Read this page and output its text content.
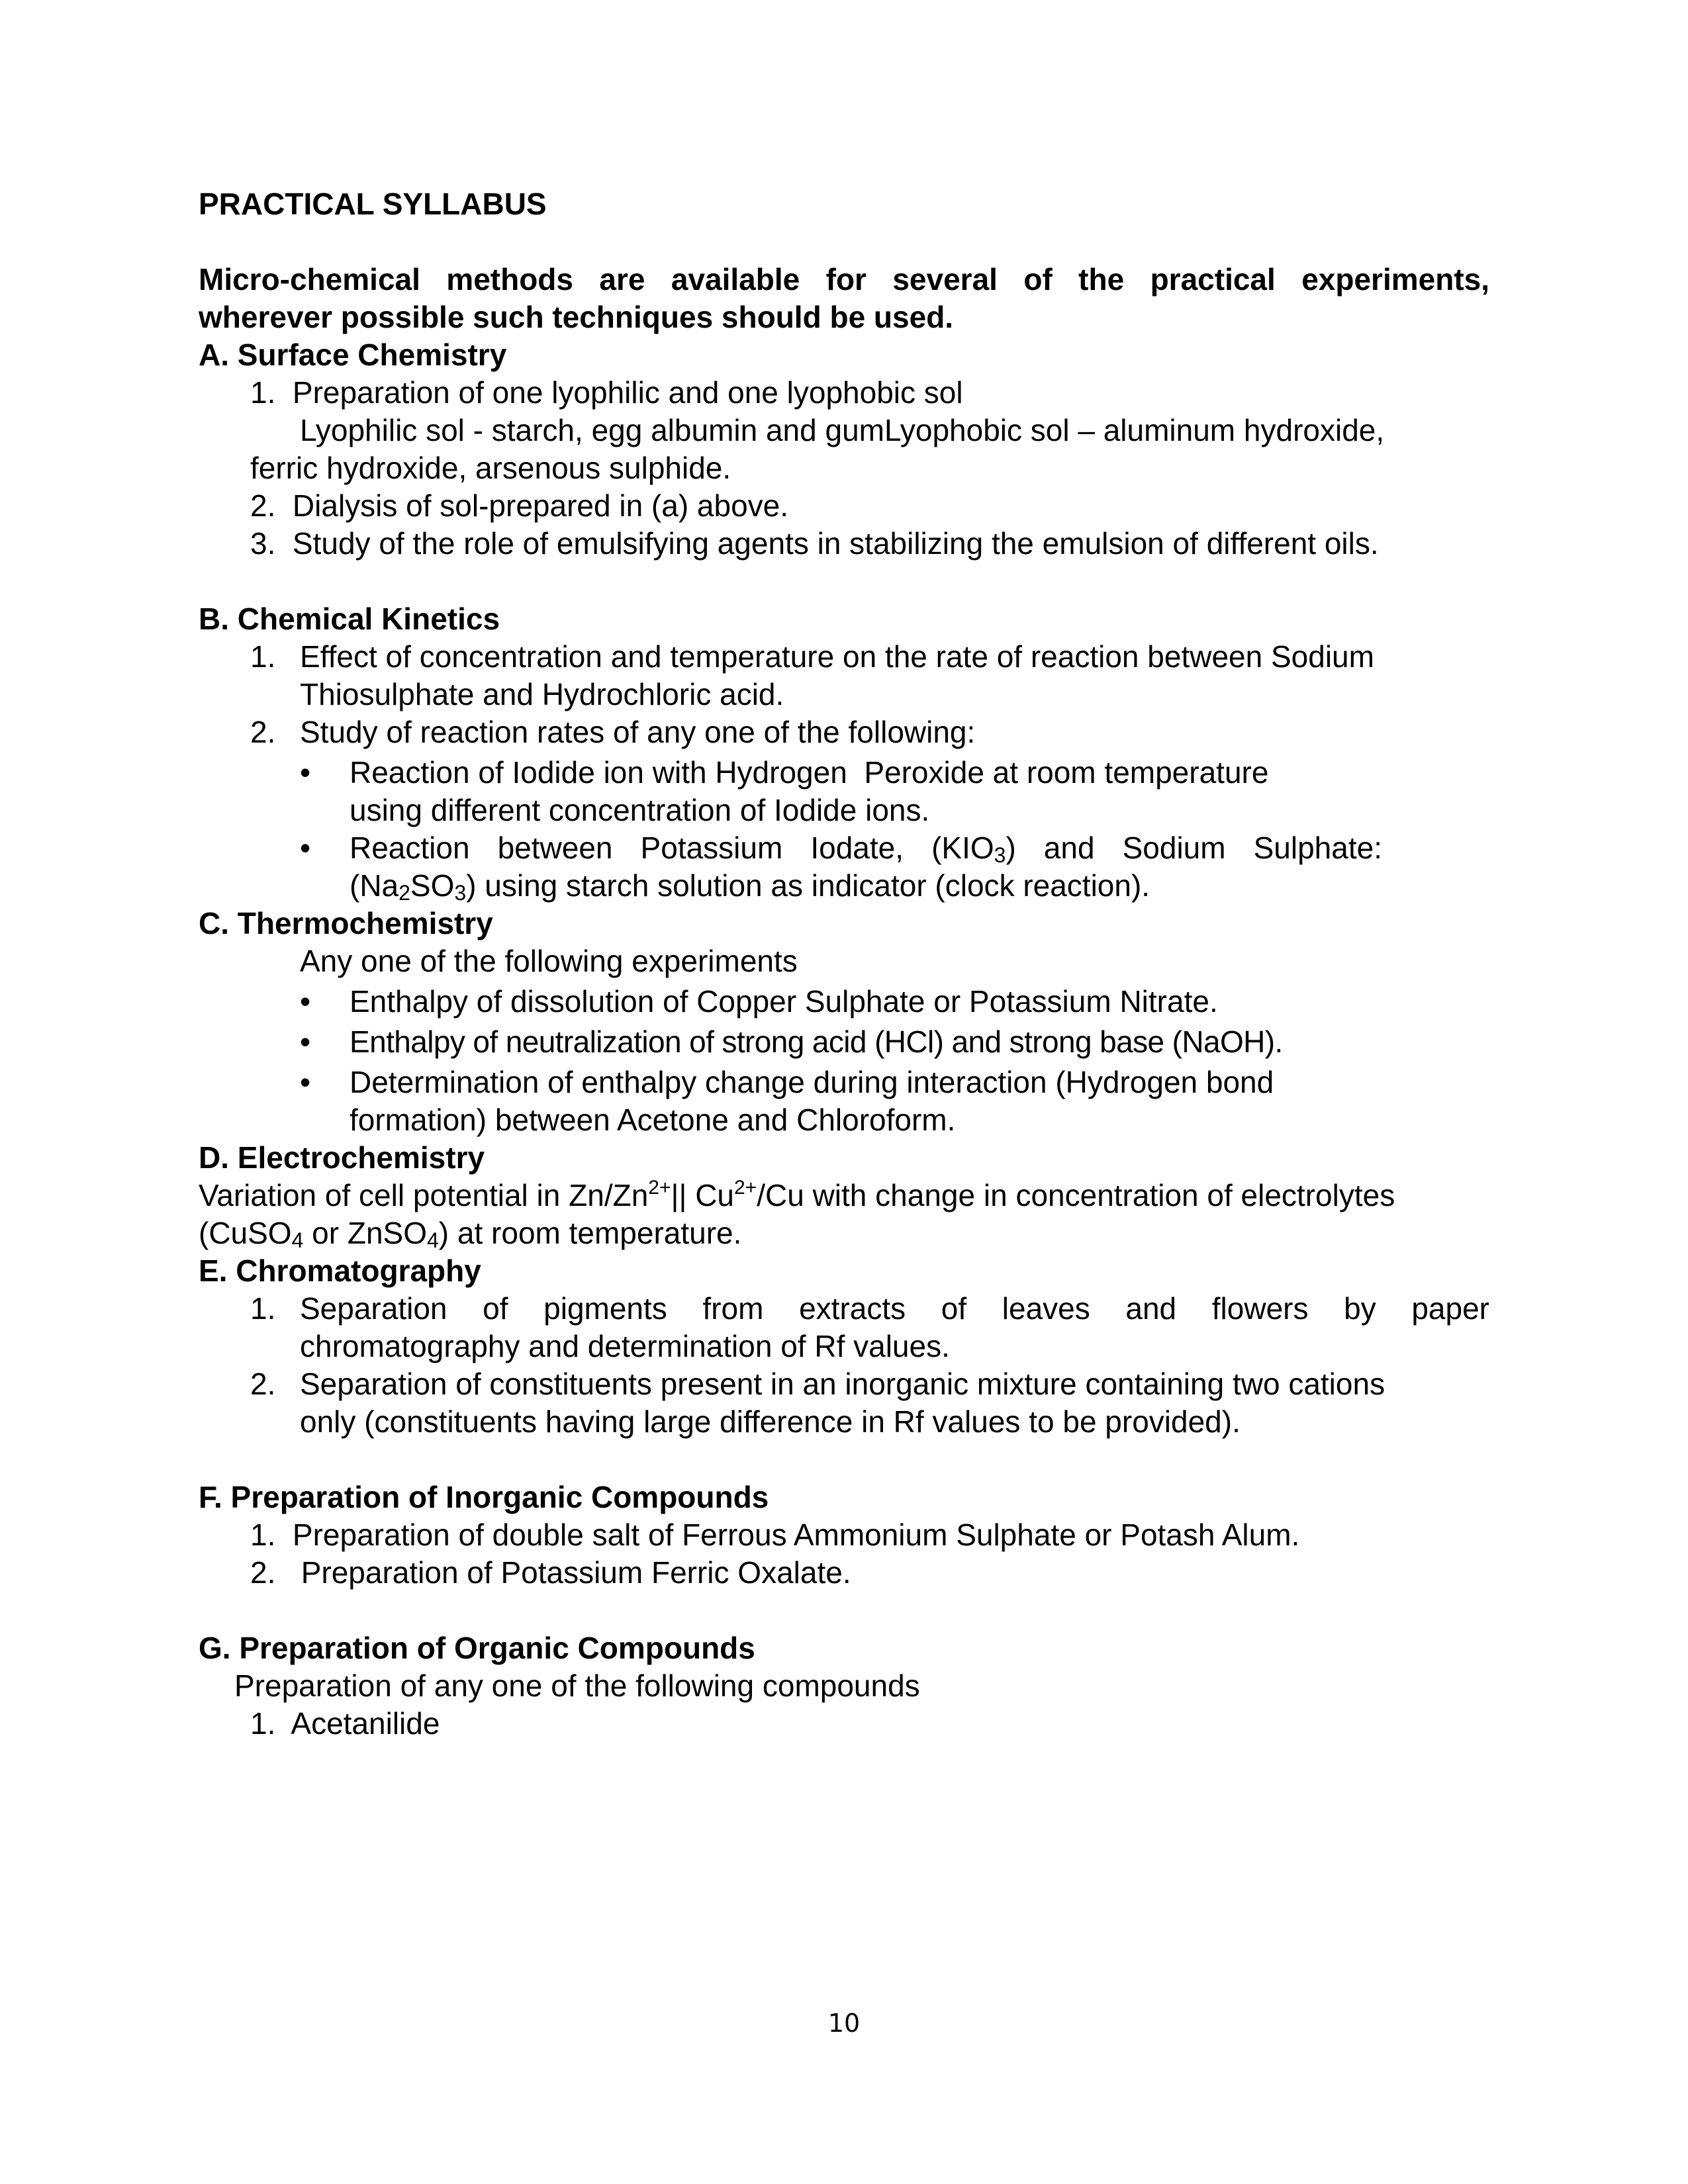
PRACTICAL SYLLABUS
Micro-chemical methods are available for several of the practical experiments,
wherever possible such techniques should be used.
A. Surface Chemistry
1.  Preparation of one lyophilic and one lyophobic sol
Lyophilic sol - starch, egg albumin and gumLyophobic sol – aluminum hydroxide,
ferric hydroxide, arsenous sulphide.
2.  Dialysis of sol-prepared in (a) above.
3.  Study of the role of emulsifying agents in stabilizing the emulsion of different oils.
B. Chemical Kinetics
1. Effect of concentration and temperature on the rate of reaction between Sodium
Thiosulphate and Hydrochloric acid.
2. Study of reaction rates of any one of the following:
•	Reaction of Iodide ion with Hydrogen  Peroxide at room temperature
using different concentration of Iodide ions.
•	Reaction between Potassium Iodate, $(KIO_3)$ and Sodium Sulphate:
$(Na_2SO_3)$ using starch solution as indicator (clock reaction).
C. Thermochemistry
Any one of the following experiments
•	Enthalpy of dissolution of Copper Sulphate or Potassium Nitrate.
•	Enthalpy of neutralization of strong acid (HCl) and strong base (NaOH).
•	Determination of enthalpy change during interaction (Hydrogen bond
formation) between Acetone and Chloroform.
D. Electrochemistry
Variation of cell potential in $Zn/Zn^{2+}||$ $Cu^{2+}/Cu$ with change in concentration of electrolytes
(CuSO$_4$ or ZnSO$_4$) at room temperature.
E. Chromatography
1. Separation of pigments from extracts of leaves and flowers by paper
chromatography and determination of Rf values.
2. Separation of constituents present in an inorganic mixture containing two cations
only (constituents having large difference in Rf values to be provided).
F. Preparation of Inorganic Compounds
1.  Preparation of double salt of Ferrous Ammonium Sulphate or Potash Alum.
2.   Preparation of Potassium Ferric Oxalate.
G. Preparation of Organic Compounds
Preparation of any one of the following compounds
1.  Acetanilide
10
